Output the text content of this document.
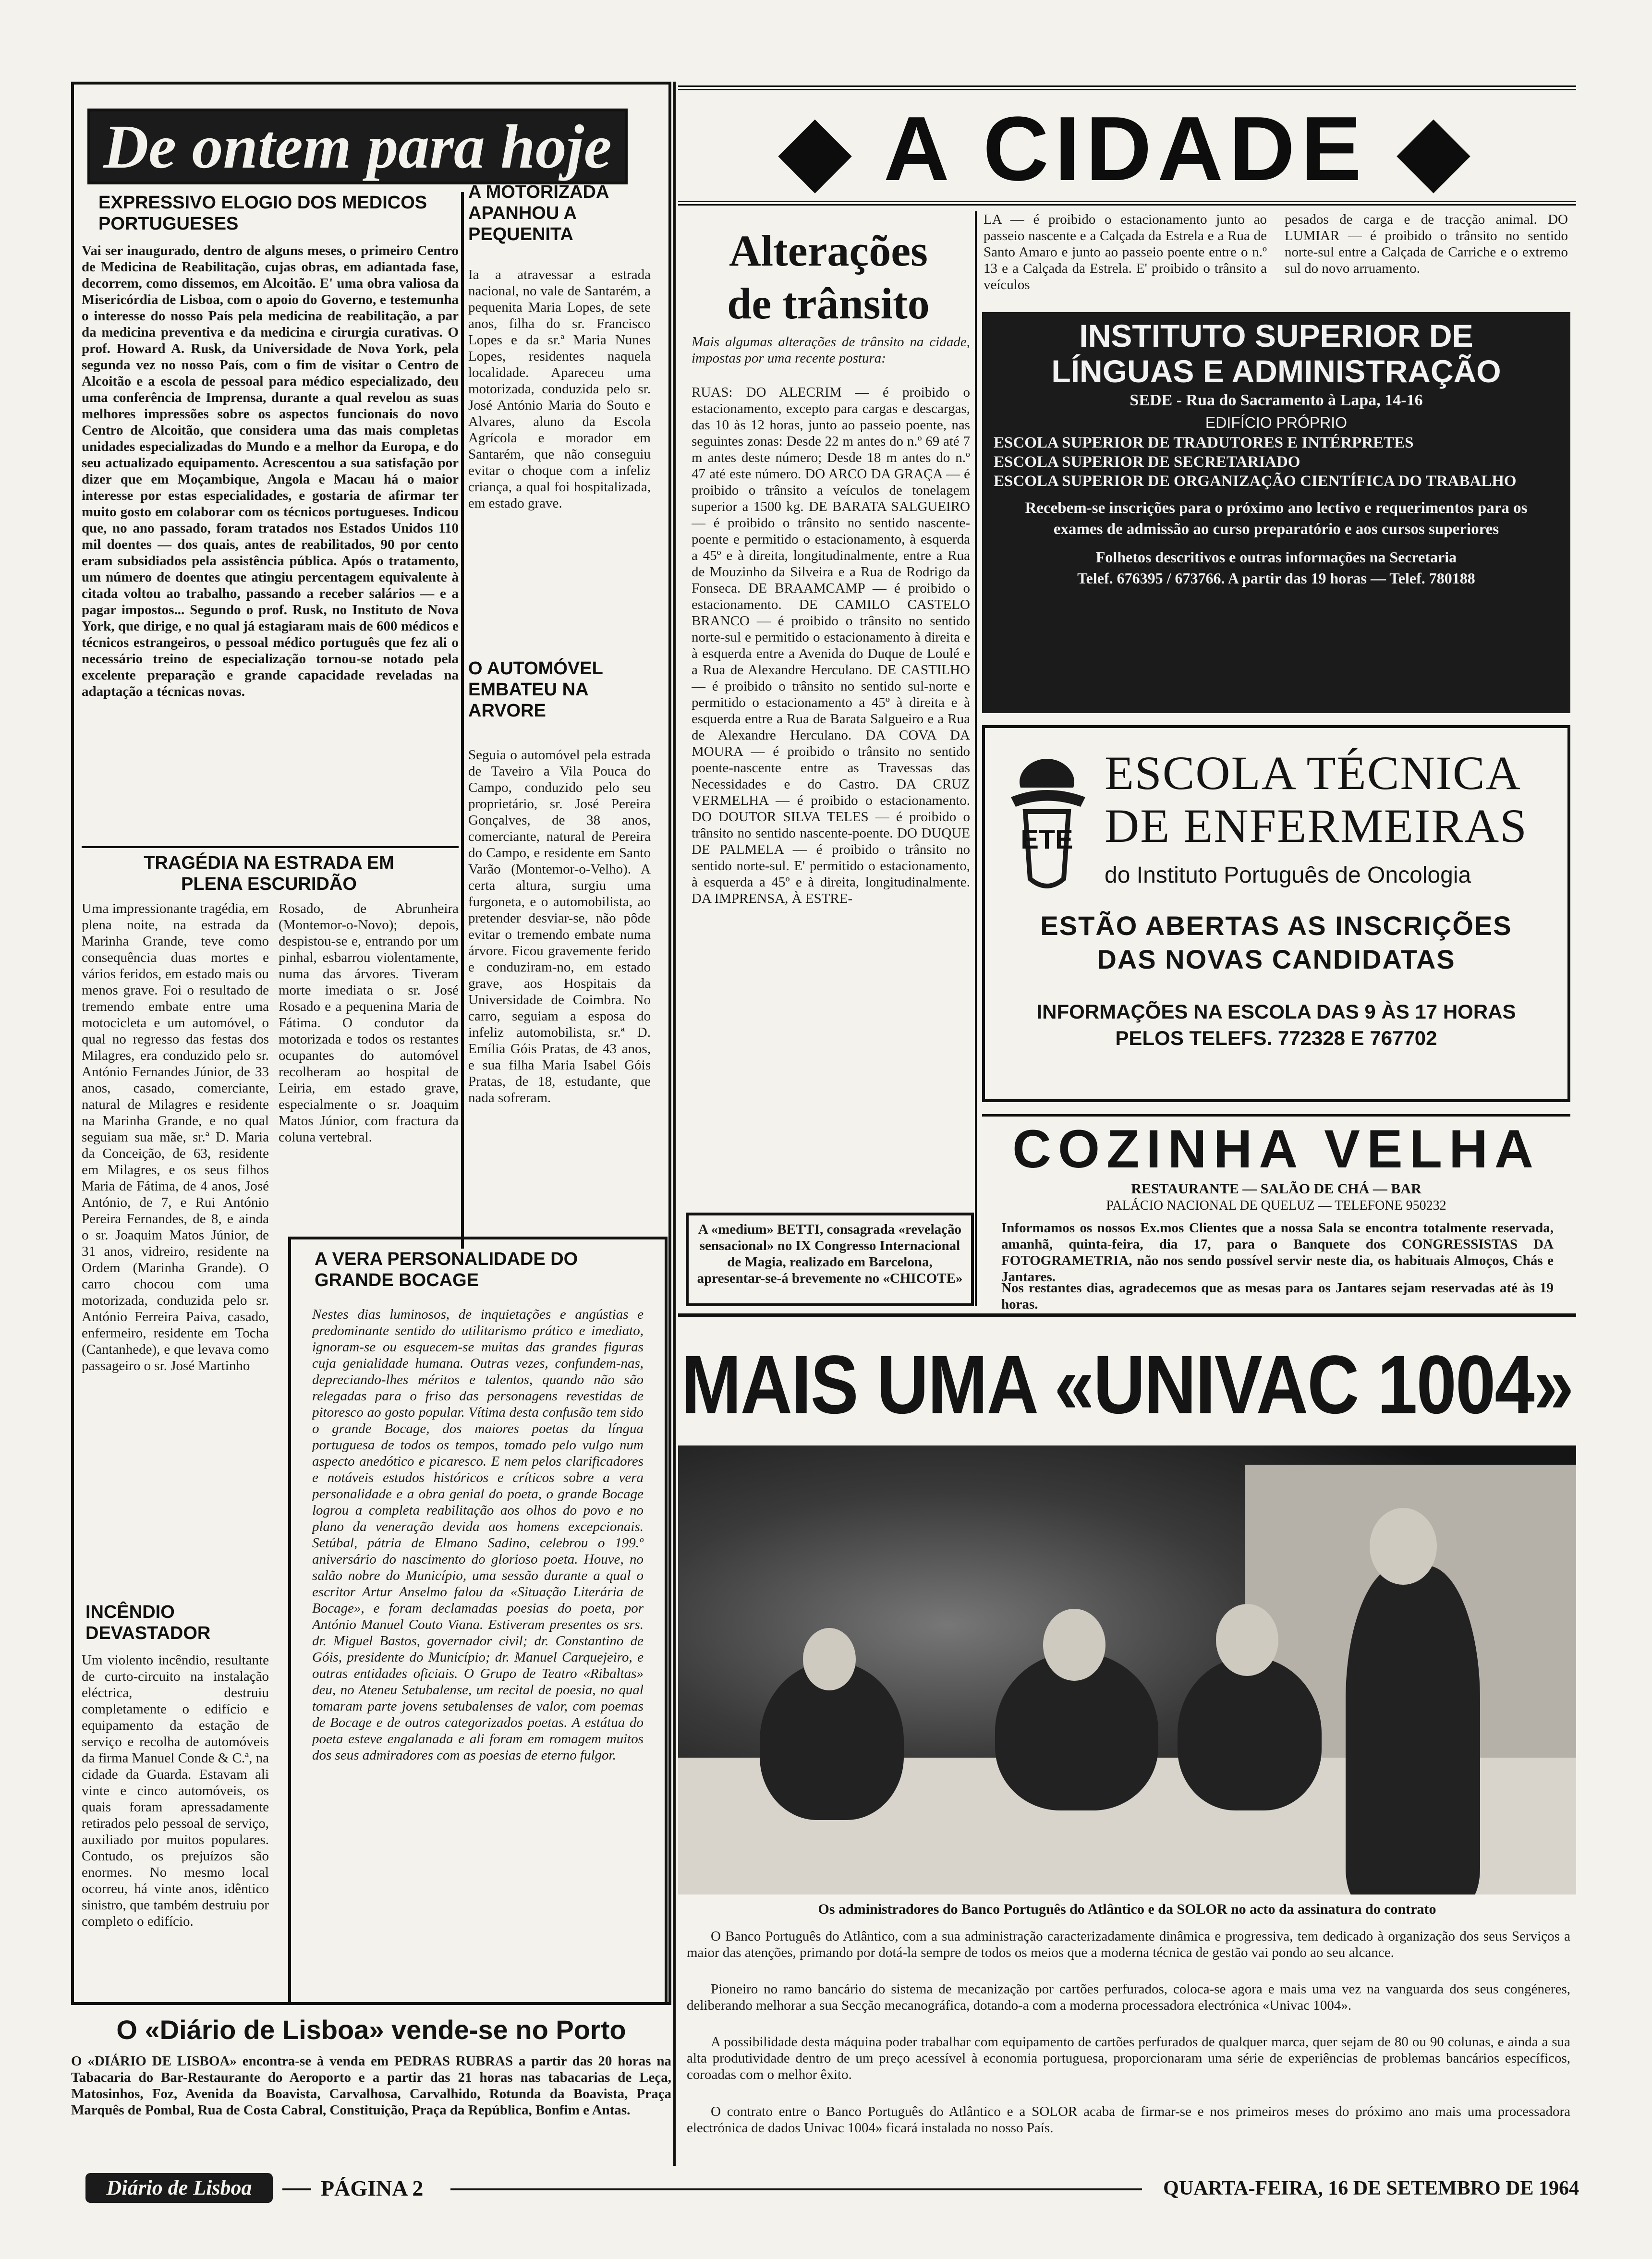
De ontem para hoje
EXPRESSIVO ELOGIO DOS MEDICOS PORTUGUESES

Vai ser inaugurado, dentro de alguns meses, o primeiro Centro de Medicina de Reabilitação, cujas obras, em adiantada fase, decorrem, como dissemos, em Alcoitão. E' uma obra valiosa da Misericórdia de Lisboa, com o apoio do Governo, e testemunha o interesse do nosso País pela medicina de reabilitação, a par da medicina preventiva e da medicina e cirurgia curativas. O prof. Howard A. Rusk, da Universidade de Nova York, pela segunda vez no nosso País, com o fim de visitar o Centro de Alcoitão e a escola de pessoal para médico especializado, deu uma conferência de Imprensa, durante a qual revelou as suas melhores impressões sobre os aspectos funcionais do novo Centro de Alcoitão, que considera uma das mais completas unidades especializadas do Mundo e a melhor da Europa, e do seu actualizado equipamento. Acrescentou a sua satisfação por dizer que em Moçambique, Angola e Macau há o maior interesse por estas especialidades, e gostaria de afirmar ter muito gosto em colaborar com os técnicos portugueses. Indicou que, no ano passado, foram tratados nos Estados Unidos 110 mil doentes — dos quais, antes de reabilitados, 90 por cento eram subsidiados pela assistência pública. Após o tratamento, um número de doentes que atingiu percentagem equivalente à citada voltou ao trabalho, passando a receber salários — e a pagar impostos... Segundo o prof. Rusk, no Instituto de Nova York, que dirige, e no qual já estagiaram mais de 600 médicos e técnicos estrangeiros, o pessoal médico português que fez ali o necessário treino de especialização tornou-se notado pela excelente preparação e grande capacidade reveladas na adaptação a técnicas novas.

A MOTORIZADA APANHOU A PEQUENITA

Ia a atravessar a estrada nacional, no vale de Santarém, a pequenita Maria Lopes, de sete anos, filha do sr. Francisco Lopes e da sr.ª Maria Nunes Lopes, residentes naquela localidade. Apareceu uma motorizada, conduzida pelo sr. José António Maria do Souto e Alvares, aluno da Escola Agrícola e morador em Santarém, que não conseguiu evitar o choque com a infeliz criança, a qual foi hospitalizada, em estado grave.

O AUTOMÓVEL EMBATEU NA ARVORE

Seguia o automóvel pela estrada de Taveiro a Vila Pouca do Campo, conduzido pelo seu proprietário, sr. José Pereira Gonçalves, de 38 anos, comerciante, natural de Pereira do Campo, e residente em Santo Varão (Montemor-o-Velho). A certa altura, surgiu uma furgoneta, e o automobilista, ao pretender desviar-se, não pôde evitar o tremendo embate numa árvore. Ficou gravemente ferido e conduziram-no, em estado grave, aos Hospitais da Universidade de Coimbra. No carro, seguiam a esposa do infeliz automobilista, sr.ª D. Emília Góis Pratas, de 43 anos, e sua filha Maria Isabel Góis Pratas, de 18, estudante, que nada sofreram.

TRAGÉDIA NA ESTRADA EM PLENA ESCURIDÃO

Uma impressionante tragédia, em plena noite, na estrada da Marinha Grande, teve como consequência duas mortes e vários feridos, em estado mais ou menos grave. Foi o resultado de tremendo embate entre uma motocicleta e um automóvel, o qual no regresso das festas dos Milagres, era conduzido pelo sr. António Fernandes Júnior, de 33 anos, casado, comerciante, natural de Milagres e residente na Marinha Grande, e no qual seguiam sua mãe, sr.ª D. Maria da Conceição, de 63, residente em Milagres, e os seus filhos Maria de Fátima, de 4 anos, José António, de 7, e Rui António Pereira Fernandes, de 8, e ainda o sr. Joaquim Matos Júnior, de 31 anos, vidreiro, residente na Ordem (Marinha Grande). O carro chocou com uma motorizada, conduzida pelo sr. António Ferreira Paiva, casado, enfermeiro, residente em Tocha (Cantanhede), e que levava como passageiro o sr. José Martinho

Rosado, de Abrunheira (Montemor-o-Novo); depois, despistou-se e, entrando por um pinhal, esbarrou violentamente, numa das árvores. Tiveram morte imediata o sr. José Rosado e a pequenina Maria de Fátima. O condutor da motorizada e todos os restantes ocupantes do automóvel recolheram ao hospital de Leiria, em estado grave, especialmente o sr. Joaquim Matos Júnior, com fractura da coluna vertebral.

INCÊNDIO DEVASTADOR

Um violento incêndio, resultante de curto-circuito na instalação eléctrica, destruiu completamente o edifício e equipamento da estação de serviço e recolha de automóveis da firma Manuel Conde & C.ª, na cidade da Guarda. Estavam ali vinte e cinco automóveis, os quais foram apressadamente retirados pelo pessoal de serviço, auxiliado por muitos populares. Contudo, os prejuízos são enormes. No mesmo local ocorreu, há vinte anos, idêntico sinistro, que também destruiu por completo o edifício.

A VERA PERSONALIDADE DO GRANDE BOCAGE

Nestes dias luminosos, de inquietações e angústias e predominante sentido do utilitarismo prático e imediato, ignoram-se ou esquecem-se muitas das grandes figuras cuja genialidade humana. Outras vezes, confundem-nas, depreciando-lhes méritos e talentos, quando não são relegadas para o friso das personagens revestidas de pitoresco ao gosto popular. Vítima desta confusão tem sido o grande Bocage, dos maiores poetas da língua portuguesa de todos os tempos, tomado pelo vulgo num aspecto anedótico e picaresco. E nem pelos clarificadores e notáveis estudos históricos e críticos sobre a vera personalidade e a obra genial do poeta, o grande Bocage logrou a completa reabilitação aos olhos do povo e no plano da veneração devida aos homens excepcionais. Setúbal, pátria de Elmano Sadino, celebrou o 199.º aniversário do nascimento do glorioso poeta. Houve, no salão nobre do Município, uma sessão durante a qual o escritor Artur Anselmo falou da «Situação Literária de Bocage», e foram declamadas poesias do poeta, por António Manuel Couto Viana. Estiveram presentes os srs. dr. Miguel Bastos, governador civil; dr. Constantino de Góis, presidente do Município; dr. Manuel Carquejeiro, e outras entidades oficiais. O Grupo de Teatro «Ribaltas» deu, no Ateneu Setubalense, um recital de poesia, no qual tomaram parte jovens setubalenses de valor, com poemas de Bocage e de outros categorizados poetas. A estátua do poeta esteve engalanada e ali foram em romagem muitos dos seus admiradores com as poesias de eterno fulgor.

O «Diário de Lisboa» vende-se no Porto

O «DIÁRIO DE LISBOA» encontra-se à venda em PEDRAS RUBRAS a partir das 20 horas na Tabacaria do Bar-Restaurante do Aeroporto e a partir das 21 horas nas tabacarias de Leça, Matosinhos, Foz, Avenida da Boavista, Carvalhosa, Carvalhido, Rotunda da Boavista, Praça Marquês de Pombal, Rua de Costa Cabral, Constituição, Praça da República, Bonfim e Antas.

◆ A CIDADE ◆
Alterações
de trânsito

Mais algumas alterações de trânsito na cidade, impostas por uma recente postura:

RUAS: DO ALECRIM — é proibido o estacionamento, excepto para cargas e descargas, das 10 às 12 horas, junto ao passeio poente, nas seguintes zonas: Desde 22 m antes do n.º 69 até 7 m antes deste número; Desde 18 m antes do n.º 47 até este número. DO ARCO DA GRAÇA — é proibido o trânsito a veículos de tonelagem superior a 1500 kg. DE BARATA SALGUEIRO — é proibido o trânsito no sentido nascente-poente e permitido o estacionamento, à esquerda a 45º e à direita, longitudinalmente, entre a Rua de Mouzinho da Silveira e a Rua de Rodrigo da Fonseca. DE BRAAMCAMP — é proibido o estacionamento. DE CAMILO CASTELO BRANCO — é proibido o trânsito no sentido norte-sul e permitido o estacionamento à direita e à esquerda entre a Avenida do Duque de Loulé e a Rua de Alexandre Herculano. DE CASTILHO — é proibido o trânsito no sentido sul-norte e permitido o estacionamento a 45º à direita e à esquerda entre a Rua de Barata Salgueiro e a Rua de Alexandre Herculano. DA COVA DA MOURA — é proibido o trânsito no sentido poente-nascente entre as Travessas das Necessidades e do Castro. DA CRUZ VERMELHA — é proibido o estacionamento. DO DOUTOR SILVA TELES — é proibido o trânsito no sentido nascente-poente. DO DUQUE DE PALMELA — é proibido o trânsito no sentido norte-sul. E' permitido o estacionamento, à esquerda a 45º e à direita, longitudinalmente. DA IMPRENSA, À ESTRE-

LA — é proibido o estacionamento junto ao passeio nascente e a Calçada da Estrela e a Rua de Santo Amaro e junto ao passeio poente entre o n.º 13 e a Calçada da Estrela. E' proibido o trânsito a veículos

pesados de carga e de tracção animal. DO LUMIAR — é proibido o trânsito no sentido norte-sul entre a Calçada de Carriche e o extremo sul do novo arruamento.

A «medium» BETTI, consagrada «revelação sensacional» no IX Congresso Internacional de Magia, realizado em Barcelona, apresentar-se-á brevemente no «CHICOTE»

INSTITUTO SUPERIOR DE
LÍNGUAS E ADMINISTRAÇÃO
SEDE - Rua do Sacramento à Lapa, 14-16
EDIFÍCIO PRÓPRIO

ESCOLA SUPERIOR DE TRADUTORES E INTÉRPRETES

ESCOLA SUPERIOR DE SECRETARIADO

ESCOLA SUPERIOR DE ORGANIZAÇÃO CIENTÍFICA DO TRABALHO

Recebem-se inscrições para o próximo ano lectivo e requerimentos para os exames de admissão ao curso preparatório e aos cursos superiores

Folhetos descritivos e outras informações na Secretaria

Telef. 676395 / 673766. A partir das 19 horas — Telef. 780188

ETE
ESCOLA TÉCNICA
DE ENFERMEIRAS
do Instituto Português de Oncologia
ESTÃO ABERTAS AS INSCRIÇÕES
DAS NOVAS CANDIDATAS
INFORMAÇÕES NA ESCOLA DAS 9 ÀS 17 HORAS
PELOS TELEFS. 772328 E 767702
COZINHA VELHA
RESTAURANTE — SALÃO DE CHÁ — BAR
PALÁCIO NACIONAL DE QUELUZ — TELEFONE 950232

Informamos os nossos Ex.mos Clientes que a nossa Sala se encontra totalmente reservada, amanhã, quinta-feira, dia 17, para o Banquete dos CONGRESSISTAS DA FOTOGRAMETRIA, não nos sendo possível servir neste dia, os habituais Almoços, Chás e Jantares.

Nos restantes dias, agradecemos que as mesas para os Jantares sejam reservadas até às 19 horas.

MAIS UMA «UNIVAC 1004»

Os administradores do Banco Português do Atlântico e da SOLOR no acto da assinatura do contrato

O Banco Português do Atlântico, com a sua administração caracterizadamente dinâmica e progressiva, tem dedicado à organização dos seus Serviços a maior das atenções, primando por dotá-la sempre de todos os meios que a moderna técnica de gestão vai pondo ao seu alcance.

Pioneiro no ramo bancário do sistema de mecanização por cartões perfurados, coloca-se agora e mais uma vez na vanguarda dos seus congéneres, deliberando melhorar a sua Secção mecanográfica, dotando-a com a moderna processadora electrónica «Univac 1004».

A possibilidade desta máquina poder trabalhar com equipamento de cartões perfurados de qualquer marca, quer sejam de 80 ou 90 colunas, e ainda a sua alta produtividade dentro de um preço acessível à economia portuguesa, proporcionaram uma série de experiências de problemas bancários específicos, coroadas com o melhor êxito.

O contrato entre o Banco Português do Atlântico e a SOLOR acaba de firmar-se e nos primeiros meses do próximo ano mais uma processadora electrónica de dados Univac 1004» ficará instalada no nosso País.

Diário de Lisboa	PÁGINA 2	QUARTA-FEIRA, 16 DE SETEMBRO DE 1964
